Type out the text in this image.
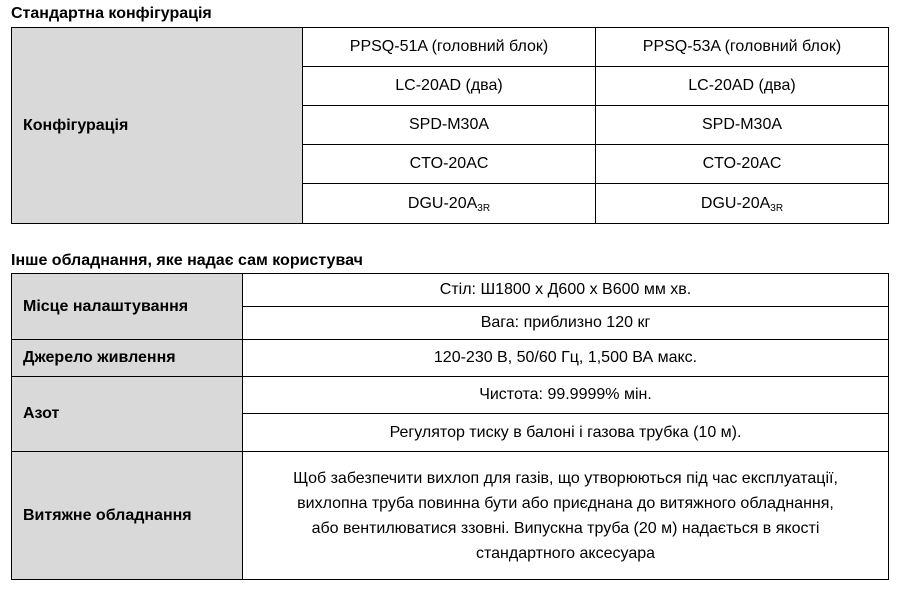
Стандартна конфігурація
Конфігурація	PPSQ-51A (головний блок)	PPSQ-53A (головний блок)
	LC-20AD (два)	LC-20AD (два)
	SPD-M30A	SPD-M30A
	CTO-20AC	CTO-20AC
	DGU-$20A_{3R}$	DGU-$20A_{3R}$
Інше обладнання, яке надає сам користувач
Місце налаштування	Стіл: Ш1800 х Д600 х В600 мм хв.
	Вага: приблизно 120 кг
Джерело живлення	120-230 В, 50/60 Гц, 1,500 ВА макс.
Азот	Чистота: 99.9999% мін.
	Регулятор тиску в балоні і газова трубка (10 м).
Витяжне обладнання	Щоб забезпечити вихлоп для газів, що утворюються під час експлуатації,
вихлопна труба повинна бути або приєднана до витяжного обладнання,
або вентилюватися ззовні. Випускна труба (20 м) надається в якості
стандартного аксесуара
